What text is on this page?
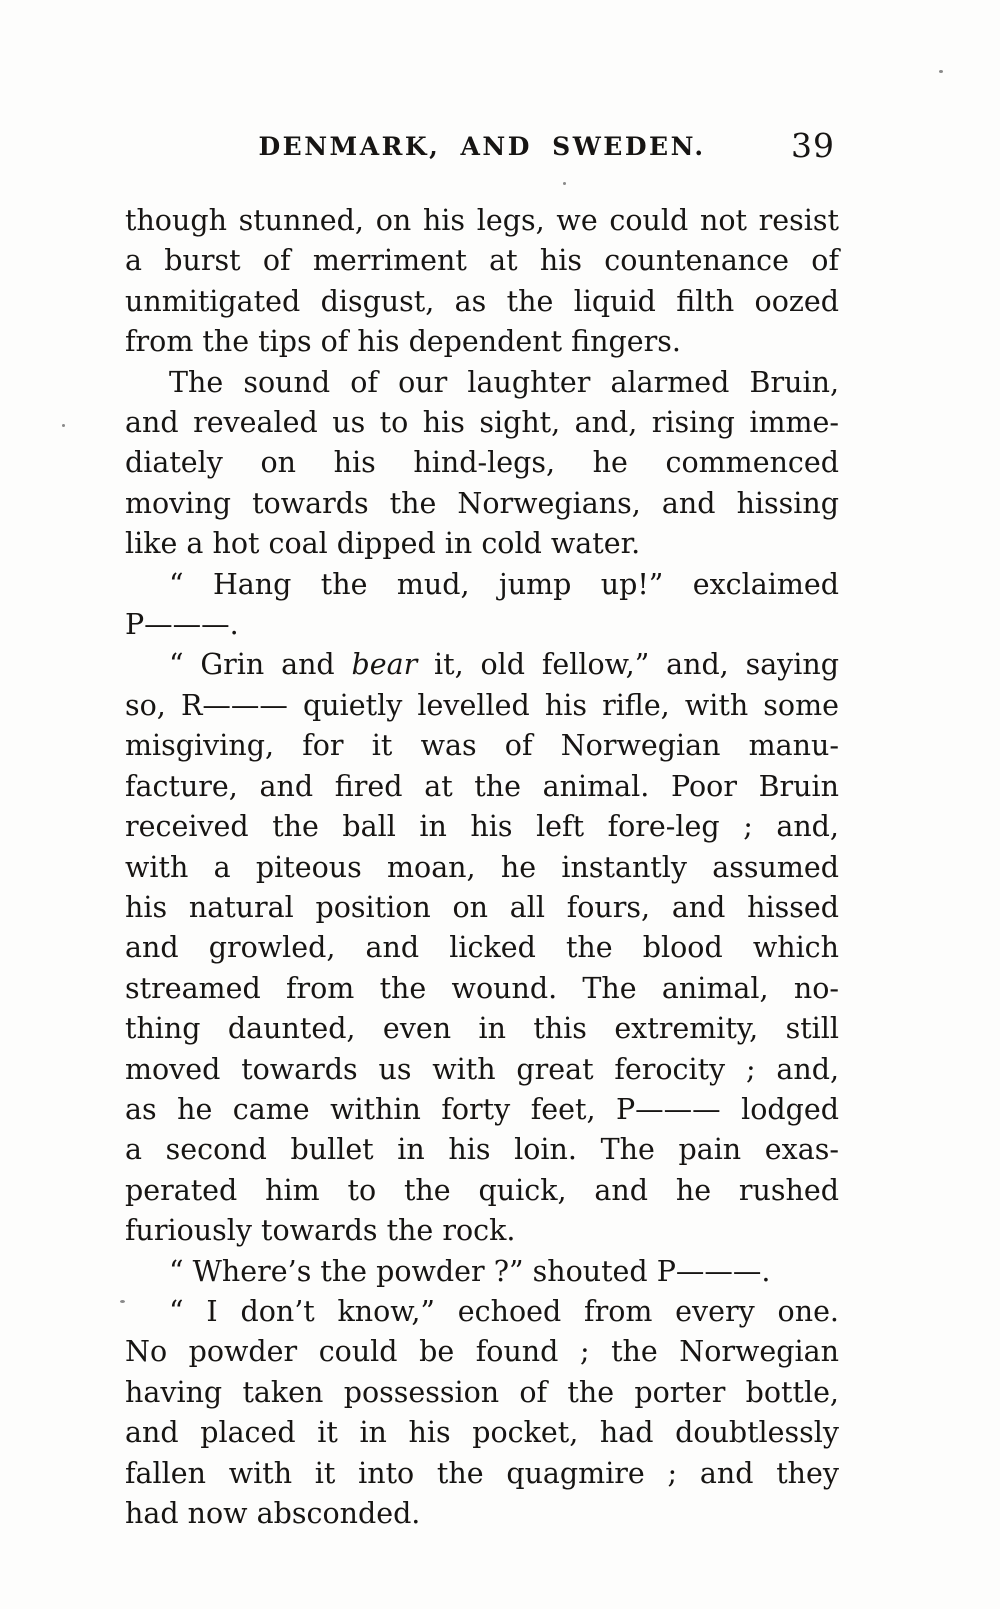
DENMARK, AND SWEDEN.	39
though stunned, on his legs, we could not resist
a burst of merriment at his countenance of
unmitigated disgust, as the liquid filth oozed
from the tips of his dependent fingers.
The sound of our laughter alarmed Bruin,
and revealed us to his sight, and, rising imme-
diately on his hind-legs, he commenced
moving towards the Norwegians, and hissing
like a hot coal dipped in cold water.
“ Hang the mud, jump up!” exclaimed
P———.
“ Grin and bear it, old fellow,” and, saying
so, R——— quietly levelled his rifle, with some
misgiving, for it was of Norwegian manu-
facture, and fired at the animal. Poor Bruin
received the ball in his left fore-leg ; and,
with a piteous moan, he instantly assumed
his natural position on all fours, and hissed
and growled, and licked the blood which
streamed from the wound. The animal, no-
thing daunted, even in this extremity, still
moved towards us with great ferocity ; and,
as he came within forty feet, P——— lodged
a second bullet in his loin. The pain exas-
perated him to the quick, and he rushed
furiously towards the rock.
“ Where’s the powder ?” shouted P———.
“ I don’t know,” echoed from every one.
No powder could be found ; the Norwegian
having taken possession of the porter bottle,
and placed it in his pocket, had doubtlessly
fallen with it into the quagmire ; and they
had now absconded.
